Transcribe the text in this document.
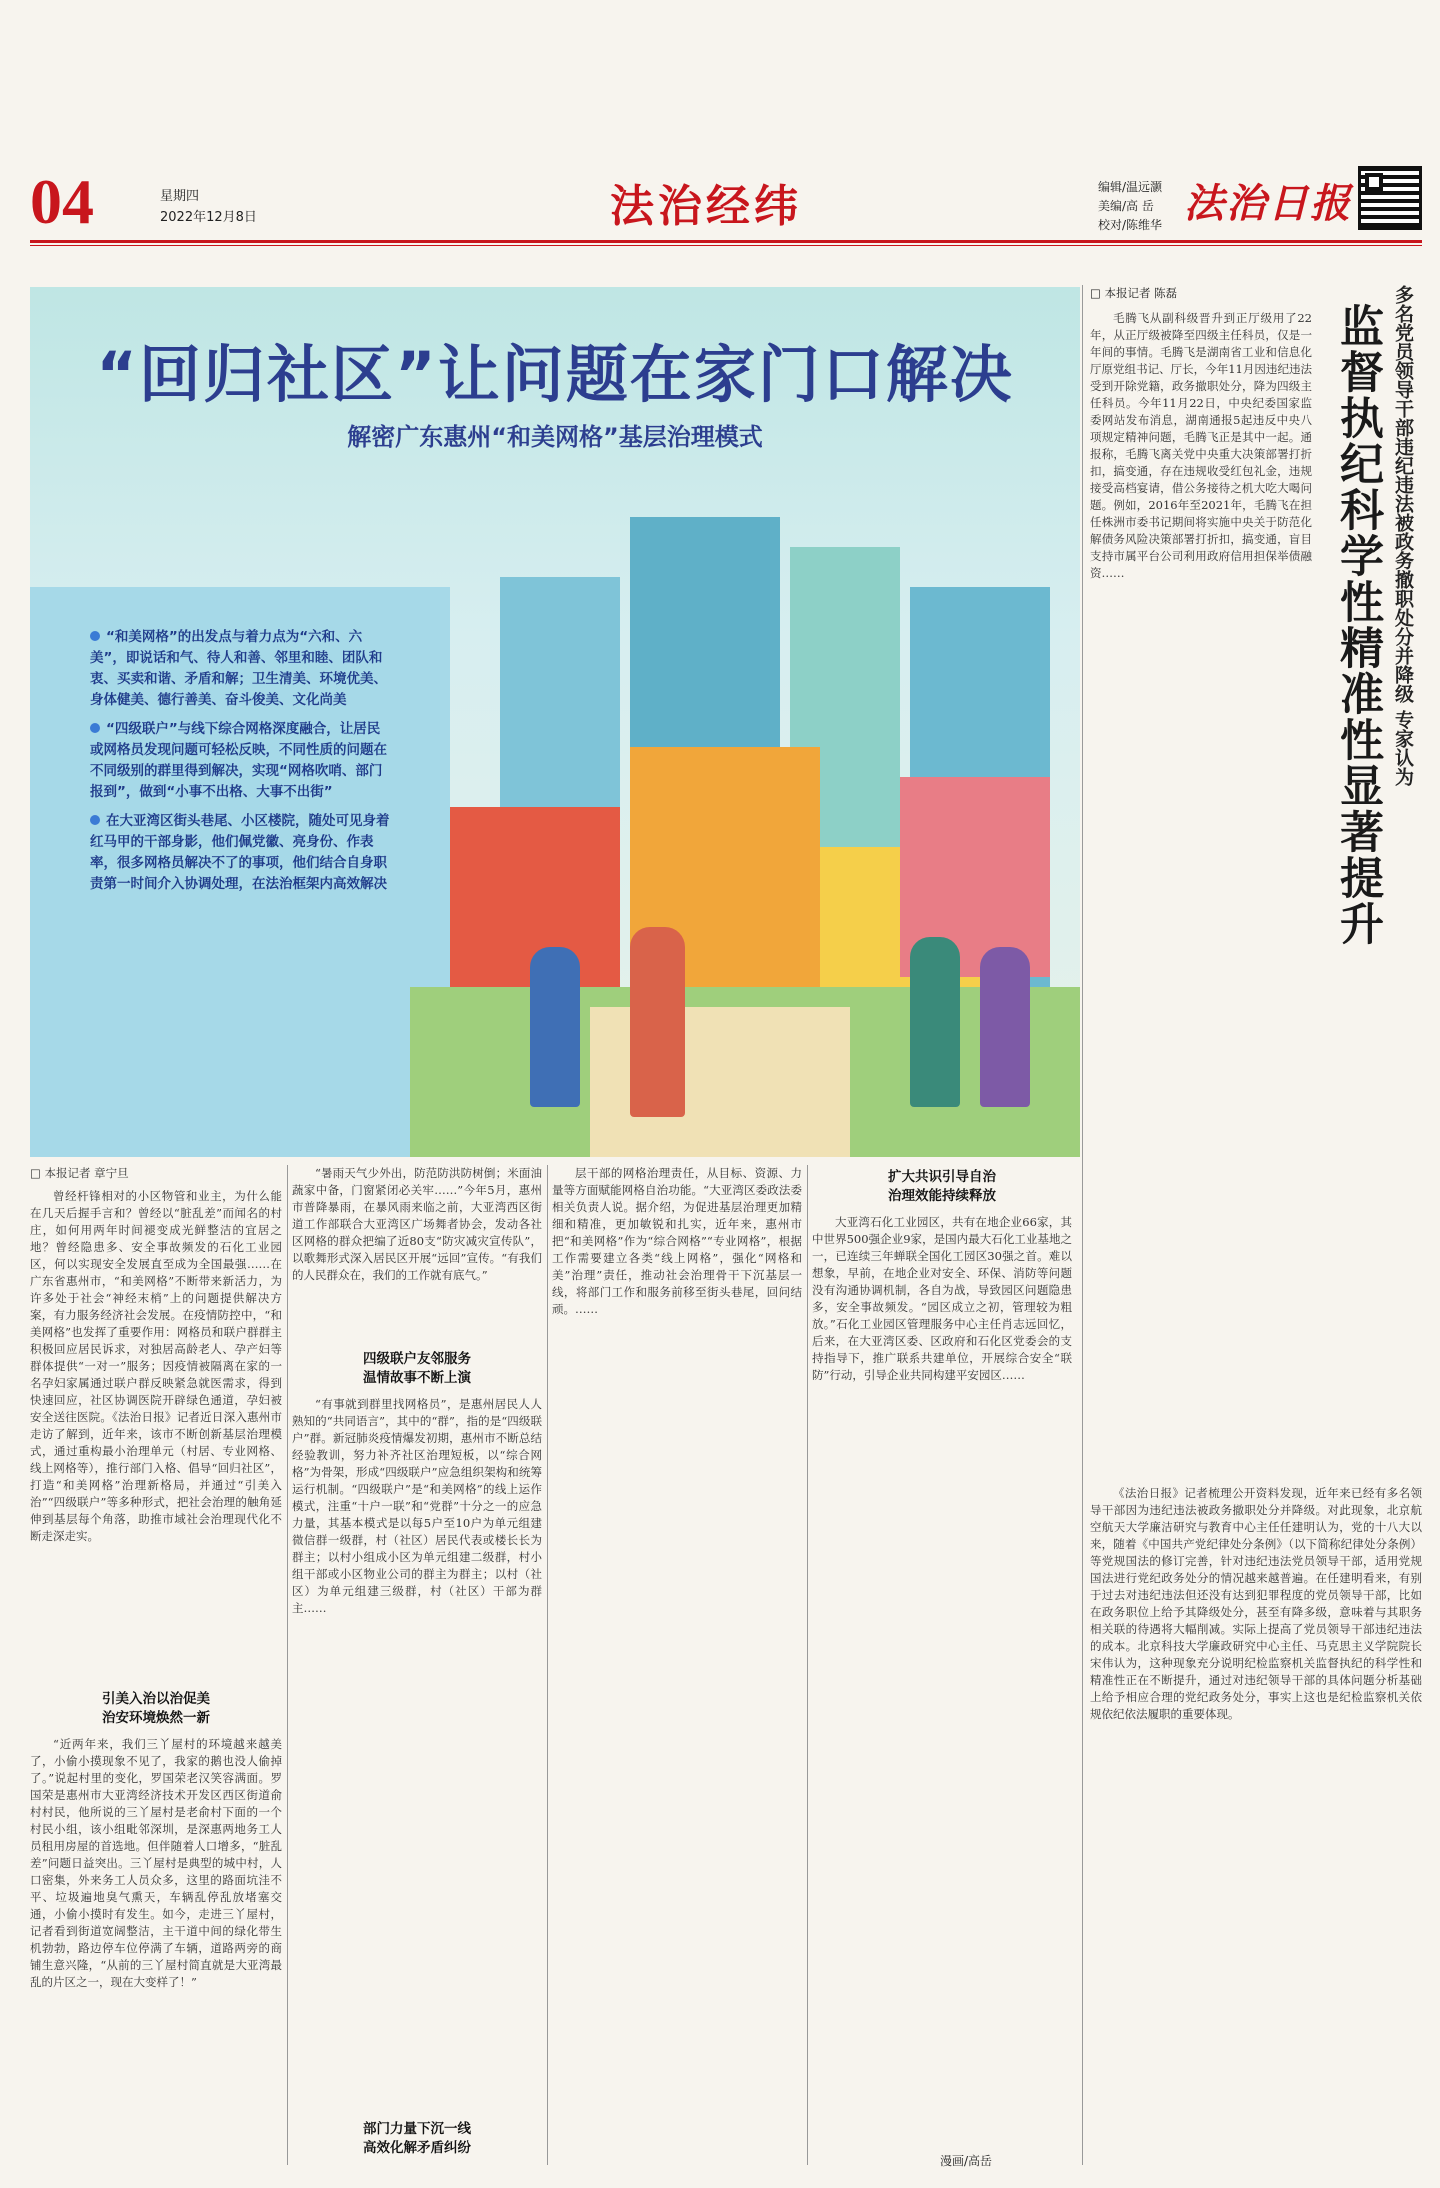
04	星期四
2022年12月8日	法治经纬	编辑/温远灏
美编/高 岳
校对/陈维华 法治日报
“回归社区”让问题在家门口解决
解密广东惠州“和美网格”基层治理模式
“和美网格”的出发点与着力点为“六和、六美”，即说话和气、待人和善、邻里和睦、团队和衷、买卖和谐、矛盾和解；卫生清美、环境优美、身体健美、德行善美、奋斗俊美、文化尚美
“四级联户”与线下综合网格深度融合，让居民或网格员发现问题可轻松反映，不同性质的问题在不同级别的群里得到解决，实现“网格吹哨、部门报到”，做到“小事不出格、大事不出街”
在大亚湾区街头巷尾、小区楼院，随处可见身着红马甲的干部身影，他们佩党徽、亮身份、作表率，很多网格员解决不了的事项，他们结合自身职责第一时间介入协调处理，在法治框架内高效解决
□ 本报记者 章宁旦

曾经杆锋相对的小区物管和业主，为什么能在几天后握手言和？曾经以“脏乱差”而闻名的村庄，如何用两年时间褪变成光鲜整洁的宜居之地？曾经隐患多、安全事故频发的石化工业园区，何以实现安全发展直至成为全国最强……在广东省惠州市，“和美网格”不断带来新活力，为许多处于社会“神经末梢”上的问题提供解决方案，有力服务经济社会发展。在疫情防控中，“和美网格”也发挥了重要作用：网格员和联户群群主积极回应居民诉求，对独居高龄老人、孕产妇等群体提供“一对一”服务；因疫情被隔离在家的一名孕妇家属通过联户群反映紧急就医需求，得到快速回应，社区协调医院开辟绿色通道，孕妇被安全送往医院。《法治日报》记者近日深入惠州市走访了解到，近年来，该市不断创新基层治理模式，通过重构最小治理单元（村居、专业网格、线上网格等），推行部门入格、倡导“回归社区”，打造“和美网格”治理新格局，并通过“引美入治”“四级联户”等多种形式，把社会治理的触角延伸到基层每个角落，助推市域社会治理现代化不断走深走实。

引美入治以治促美
治安环境焕然一新

“近两年来，我们三丫屋村的环境越来越美了，小偷小摸现象不见了，我家的鹅也没人偷掉了。”说起村里的变化，罗国荣老汉笑容满面。罗国荣是惠州市大亚湾经济技术开发区西区街道俞村村民，他所说的三丫屋村是老俞村下面的一个村民小组，该小组毗邻深圳，是深惠两地务工人员租用房屋的首选地。但伴随着人口增多，“脏乱差”问题日益突出。三丫屋村是典型的城中村，人口密集，外来务工人员众多，这里的路面坑洼不平、垃圾遍地臭气熏天，车辆乱停乱放堵塞交通，小偷小摸时有发生。如今，走进三丫屋村，记者看到街道宽阔整洁，主干道中间的绿化带生机勃勃，路边停车位停满了车辆，道路两旁的商铺生意兴隆，“从前的三丫屋村简直就是大亚湾最乱的片区之一，现在大变样了！”

“暑雨天气少外出，防范防洪防树倒；米面油蔬家中备，门窗紧闭必关牢……”今年5月，惠州市普降暴雨，在暴风雨来临之前，大亚湾西区街道工作部联合大亚湾区广场舞者协会，发动各社区网格的群众把编了近80支“防灾减灾宣传队”，以歌舞形式深入居民区开展“远回”宣传。“有我们的人民群众在，我们的工作就有底气。”

四级联户友邻服务
温情故事不断上演

“有事就到群里找网格员”，是惠州居民人人熟知的“共同语言”，其中的“群”，指的是“四级联户”群。新冠肺炎疫情爆发初期，惠州市不断总结经验教训，努力补齐社区治理短板，以“综合网格”为骨架，形成“四级联户”应急组织架构和统筹运行机制。“四级联户”是“和美网格”的线上运作模式，注重“十户一联”和“党群”十分之一的应急力量，其基本模式是以每5户至10户为单元组建微信群一级群，村（社区）居民代表或楼长长为群主；以村小组成小区为单元组建二级群，村小组干部或小区物业公司的群主为群主；以村（社区）为单元组建三级群，村（社区）干部为群主……

部门力量下沉一线
高效化解矛盾纠纷

层干部的网格治理责任，从目标、资源、力量等方面赋能网格自治功能。“大亚湾区委政法委相关负责人说。据介绍，为促进基层治理更加精细和精准，更加敏锐和扎实，近年来，惠州市把“和美网格”作为“综合网格”“专业网格”，根据工作需要建立各类“线上网格”，强化“网格和美”治理”责任，推动社会治理骨干下沉基层一线，将部门工作和服务前移至街头巷尾，回问结顽。……

扩大共识引导自治
治理效能持续释放

大亚湾石化工业园区，共有在地企业66家，其中世界500强企业9家，是国内最大石化工业基地之一，已连续三年蝉联全国化工园区30强之首。难以想象，早前，在地企业对安全、环保、消防等问题没有沟通协调机制，各自为战，导致园区问题隐患多，安全事故频发。“园区成立之初，管理较为粗放。”石化工业园区管理服务中心主任肖志远回忆，后来，在大亚湾区委、区政府和石化区党委会的支持指导下，推广联系共建单位，开展综合安全“联防”行动，引导企业共同构建平安园区……

漫画/高岳
□ 本报记者 陈磊

毛腾飞从副科级晋升到正厅级用了22年，从正厅级被降至四级主任科员，仅是一年间的事情。毛腾飞是湖南省工业和信息化厅原党组书记、厅长，今年11月因违纪违法受到开除党籍，政务撤职处分，降为四级主任科员。今年11月22日，中央纪委国家监委网站发布消息，湖南通报5起违反中央八项规定精神问题，毛腾飞正是其中一起。通报称，毛腾飞离关党中央重大决策部署打折扣，搞变通，存在违规收受红包礼金，违规接受高档宴请，借公务接待之机大吃大喝问题。例如，2016年至2021年，毛腾飞在担任株洲市委书记期间将实施中央关于防范化解债务风险决策部署打折扣，搞变通，盲目支持市属平台公司利用政府信用担保举债融资……	多名党员领导干部违纪违法被政务撤职处分并降级 专家认为
监督执纪科学性精准性显著提升

《法治日报》记者梳理公开资料发现，近年来已经有多名领导干部因为违纪违法被政务撤职处分并降级。对此现象，北京航空航天大学廉洁研究与教育中心主任任建明认为，党的十八大以来，随着《中国共产党纪律处分条例》（以下简称纪律处分条例）等党规国法的修订完善，针对违纪违法党员领导干部，适用党规国法进行党纪政务处分的情况越来越普遍。在任建明看来，有别于过去对违纪违法但还没有达到犯罪程度的党员领导干部，比如在政务职位上给予其降级处分，甚至有降多级，意味着与其职务相关联的待遇将大幅削减。实际上提高了党员领导干部违纪违法的成本。北京科技大学廉政研究中心主任、马克思主义学院院长宋伟认为，这种现象充分说明纪检监察机关监督执纪的科学性和精准性正在不断提升，通过对违纪领导干部的具体问题分析基础上给予相应合理的党纪政务处分，事实上这也是纪检监察机关依规依纪依法履职的重要体现。
